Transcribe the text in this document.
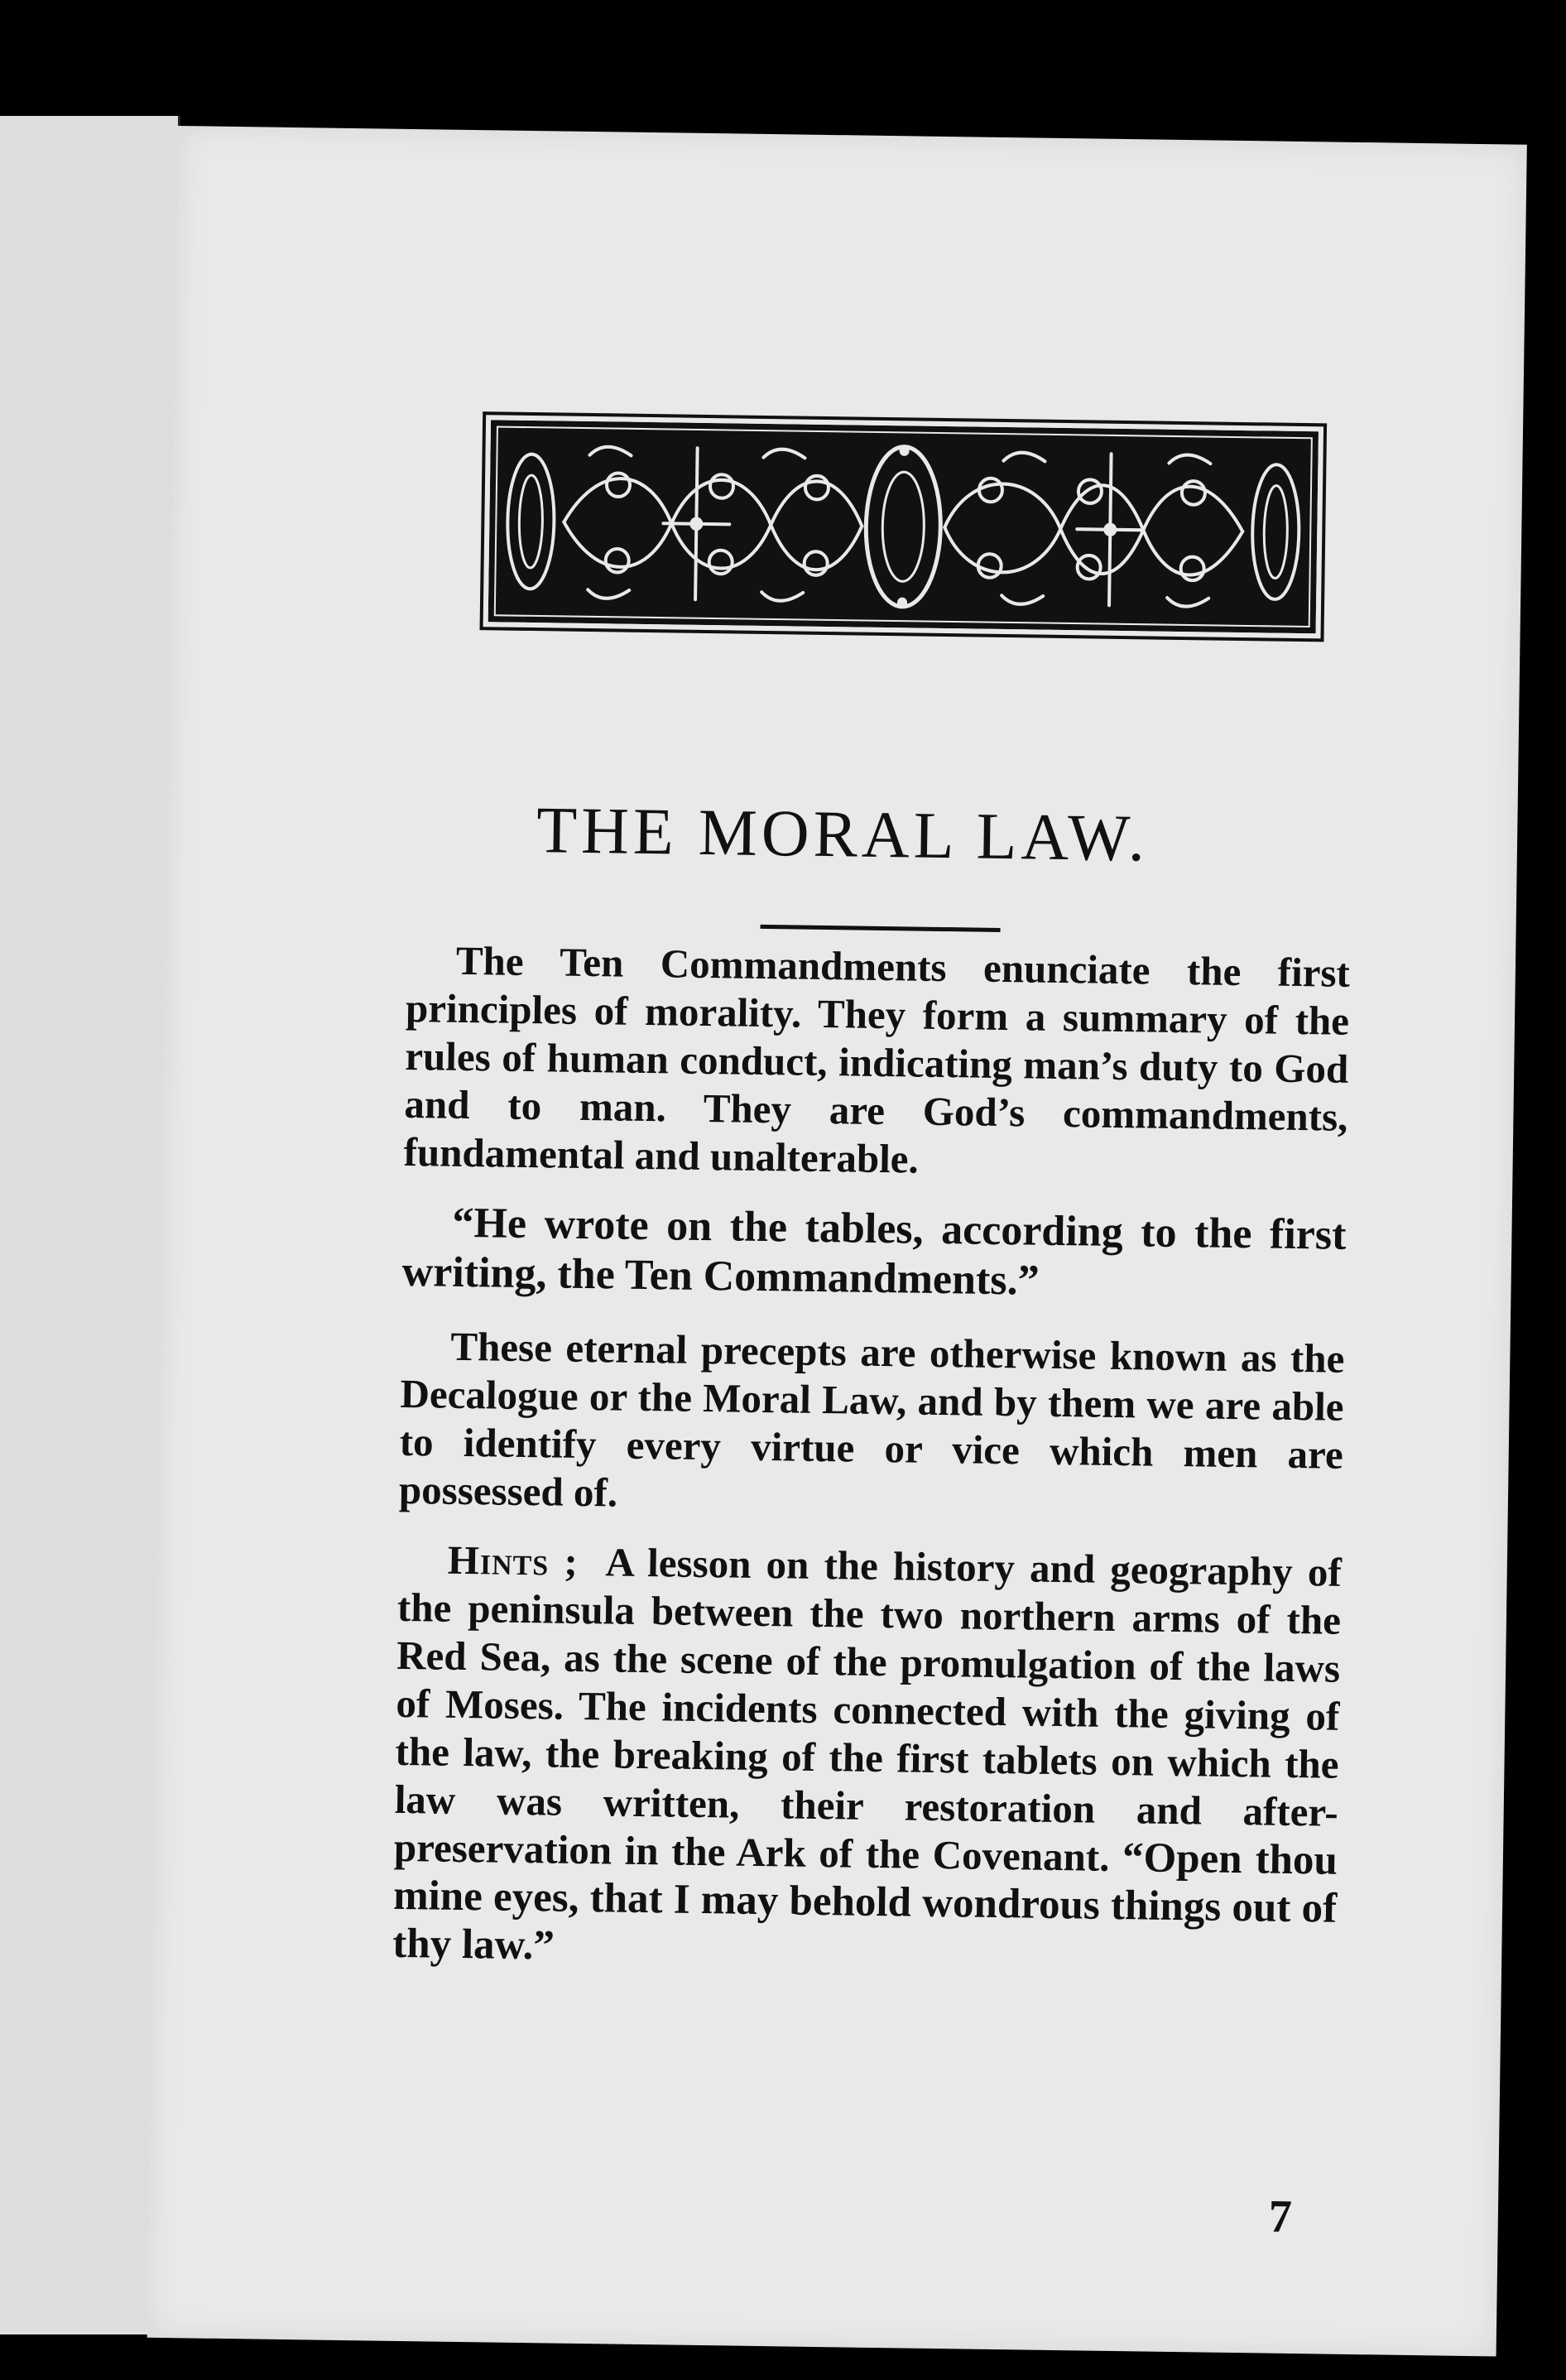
THE MORAL LAW.

The Ten Commandments enunciate the first principles of morality. They form a summary of the rules of human conduct, indicating man’s duty to God and to man. They are God’s commandments, fundamental and unalterable.

“He wrote on the tables, according to the first writing, the Ten Commandments.”

These eternal precepts are otherwise known as the Decalogue or the Moral Law, and by them we are able to identify every virtue or vice which men are possessed of.

Hints ; A lesson on the history and geography of the peninsula between the two northern arms of the Red Sea, as the scene of the promulgation of the laws of Moses. The incidents connected with the giving of the law, the breaking of the first tablets on which the law was written, their restoration and after-preservation in the Ark of the Covenant. “Open thou mine eyes, that I may behold wondrous things out of thy law.”

7
